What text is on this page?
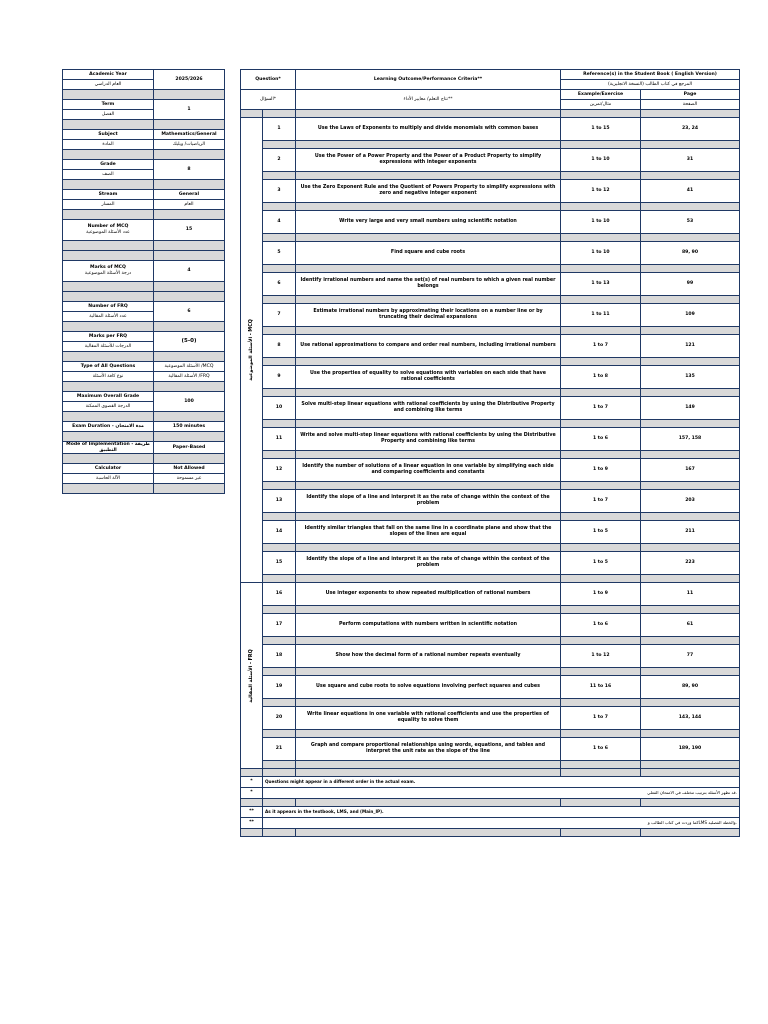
Academic Year	2025/2026
العام الدراسي	

Term	1
الفصل	

Subject	Mathematics/General
المادة	الرياضيات/ ويليك

Grade	8
الصف	

Stream	General
المسار	العام

Number of MCQ
عدد الأسئلة الموضوعية	15

Marks of MCQ
درجة الأسئلة الموضوعية	4

Number of FRQ	6
عدد الأسئلة المقالية	

Marks per FRQ	(5-0)
الدرجات للأسئلة المقالية	

Type of All Questions	الأسئلة الموضوعية /MCQ
نوع كافة الأسئلة	الأسئلة المقالية /FRQ

Maximum Overall Grade	100
الدرجة القصوى الممكنة	

Exam Duration - مدة الامتحان	150 minutes

Mode of Implementation - طريقة التطبيق	Paper-Based

Calculator	Not Allowed
الآلة الحاسبة	غير مسموحة

Question*		Learning Outcome/Performance Criteria**	Reference(s) in the Student Book ( English Version)	
			المرجع في كتاب الطالب (النسخة الانجليزية)	
السؤال*		نتاج التعلم/ معايير الأداء**	Example/Exercise	Page
			مثال/تمرين	الصفحة

الأسئلة الموضوعية - MCQ	1	Use the Laws of Exponents to multiply and divide monomials with common bases	1 to 15	23, 24

	2	Use the Power of a Power Property and the Power of a Product Property to simplify expressions with integer exponents	1 to 10	31

	3	Use the Zero Exponent Rule and the Quotient of Powers Property to simplify expressions with zero and negative integer exponent	1 to 12	41

	4	Write very large and very small numbers using scientific notation	1 to 10	53

	5	Find square and cube roots	1 to 10	89, 90

	6	Identify irrational numbers and name the set(s) of real numbers to which a given real number belongs	1 to 13	99

	7	Estimate irrational numbers by approximating their locations on a number line or by truncating their decimal expansions	1 to 11	109

	8	Use rational approximations to compare and order real numbers, including irrational numbers	1 to 7	121

	9	Use the properties of equality to solve equations with variables on each side that have rational coefficients	1 to 8	135

	10	Solve multi-step linear equations with rational coefficients by using the Distributive Property and combining like terms	1 to 7	149

	11	Write and solve multi-step linear equations with rational coefficients by using the Distributive Property and combining like terms	1 to 6	157, 158

	12	Identify the number of solutions of a linear equation in one variable by simplifying each side and comparing coefficients and constants	1 to 9	167

	13	Identify the slope of a line and interpret it as the rate of change within the context of the problem	1 to 7	203

	14	Identify similar triangles that fall on the same line in a coordinate plane and show that the slopes of the lines are equal	1 to 5	211

	15	Identify the slope of a line and interpret it as the rate of change within the context of the problem	1 to 5	223

الأسئلة المقالية - FRQ	16	Use integer exponents to show repeated multiplication of rational numbers	1 to 9	11

	17	Perform computations with numbers written in scientific notation	1 to 6	61

	18	Show how the decimal form of a rational number repeats eventually	1 to 12	77

	19	Use square and cube roots to solve equations involving perfect squares and cubes	11 to 16	89, 90

	20	Write linear equations in one variable with rational coefficients and use the properties of equality to solve them	1 to 7	143, 144

	21	Graph and compare proportional relationships using words, equations, and tables and interpret the unit rate as the slope of the line	1 to 6	189, 190

*	Questions might appear in a different order in the actual exam.			
*	قد تظهر الأسئلة بترتيب مختلف في الامتحان الفعلي.			

**	As it appears in the textbook, LMS, and (Main_IP).			
**	كما وردت في كتاب الطالب وLMS والخطة الفصلية.			
